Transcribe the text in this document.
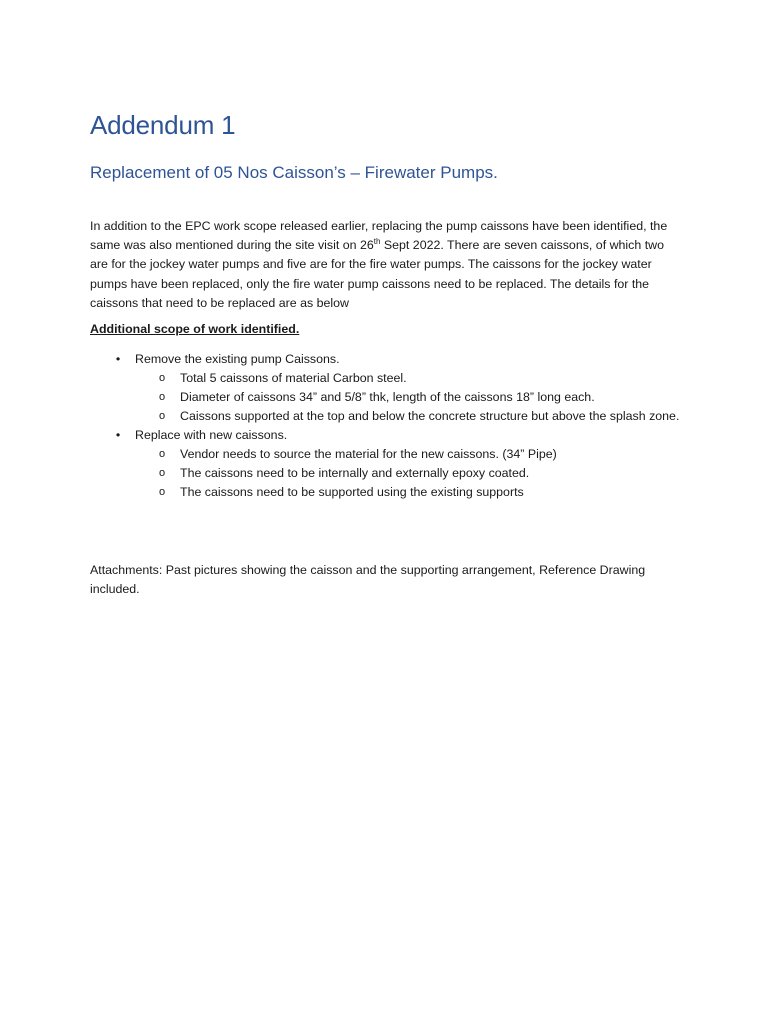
Addendum 1
Replacement of 05 Nos Caisson’s – Firewater Pumps.

In addition to the EPC work scope released earlier, replacing the pump caissons have been identified, the same was also mentioned during the site visit on 26th Sept 2022. There are seven caissons, of which two are for the jockey water pumps and five are for the fire water pumps. The caissons for the jockey water pumps have been replaced, only the fire water pump caissons need to be replaced. The details for the caissons that need to be replaced are as below

Additional scope of work identified.

•	Remove the existing pump Caissons.
o Total 5 caissons of material Carbon steel.
o Diameter of caissons 34” and 5/8” thk, length of the caissons 18” long each.
o Caissons supported at the top and below the concrete structure but above the splash zone.
•	Replace with new caissons.
o Vendor needs to source the material for the new caissons. (34” Pipe)
o The caissons need to be internally and externally epoxy coated.
o The caissons need to be supported using the existing supports

Attachments: Past pictures showing the caisson and the supporting arrangement, Reference Drawing included.
